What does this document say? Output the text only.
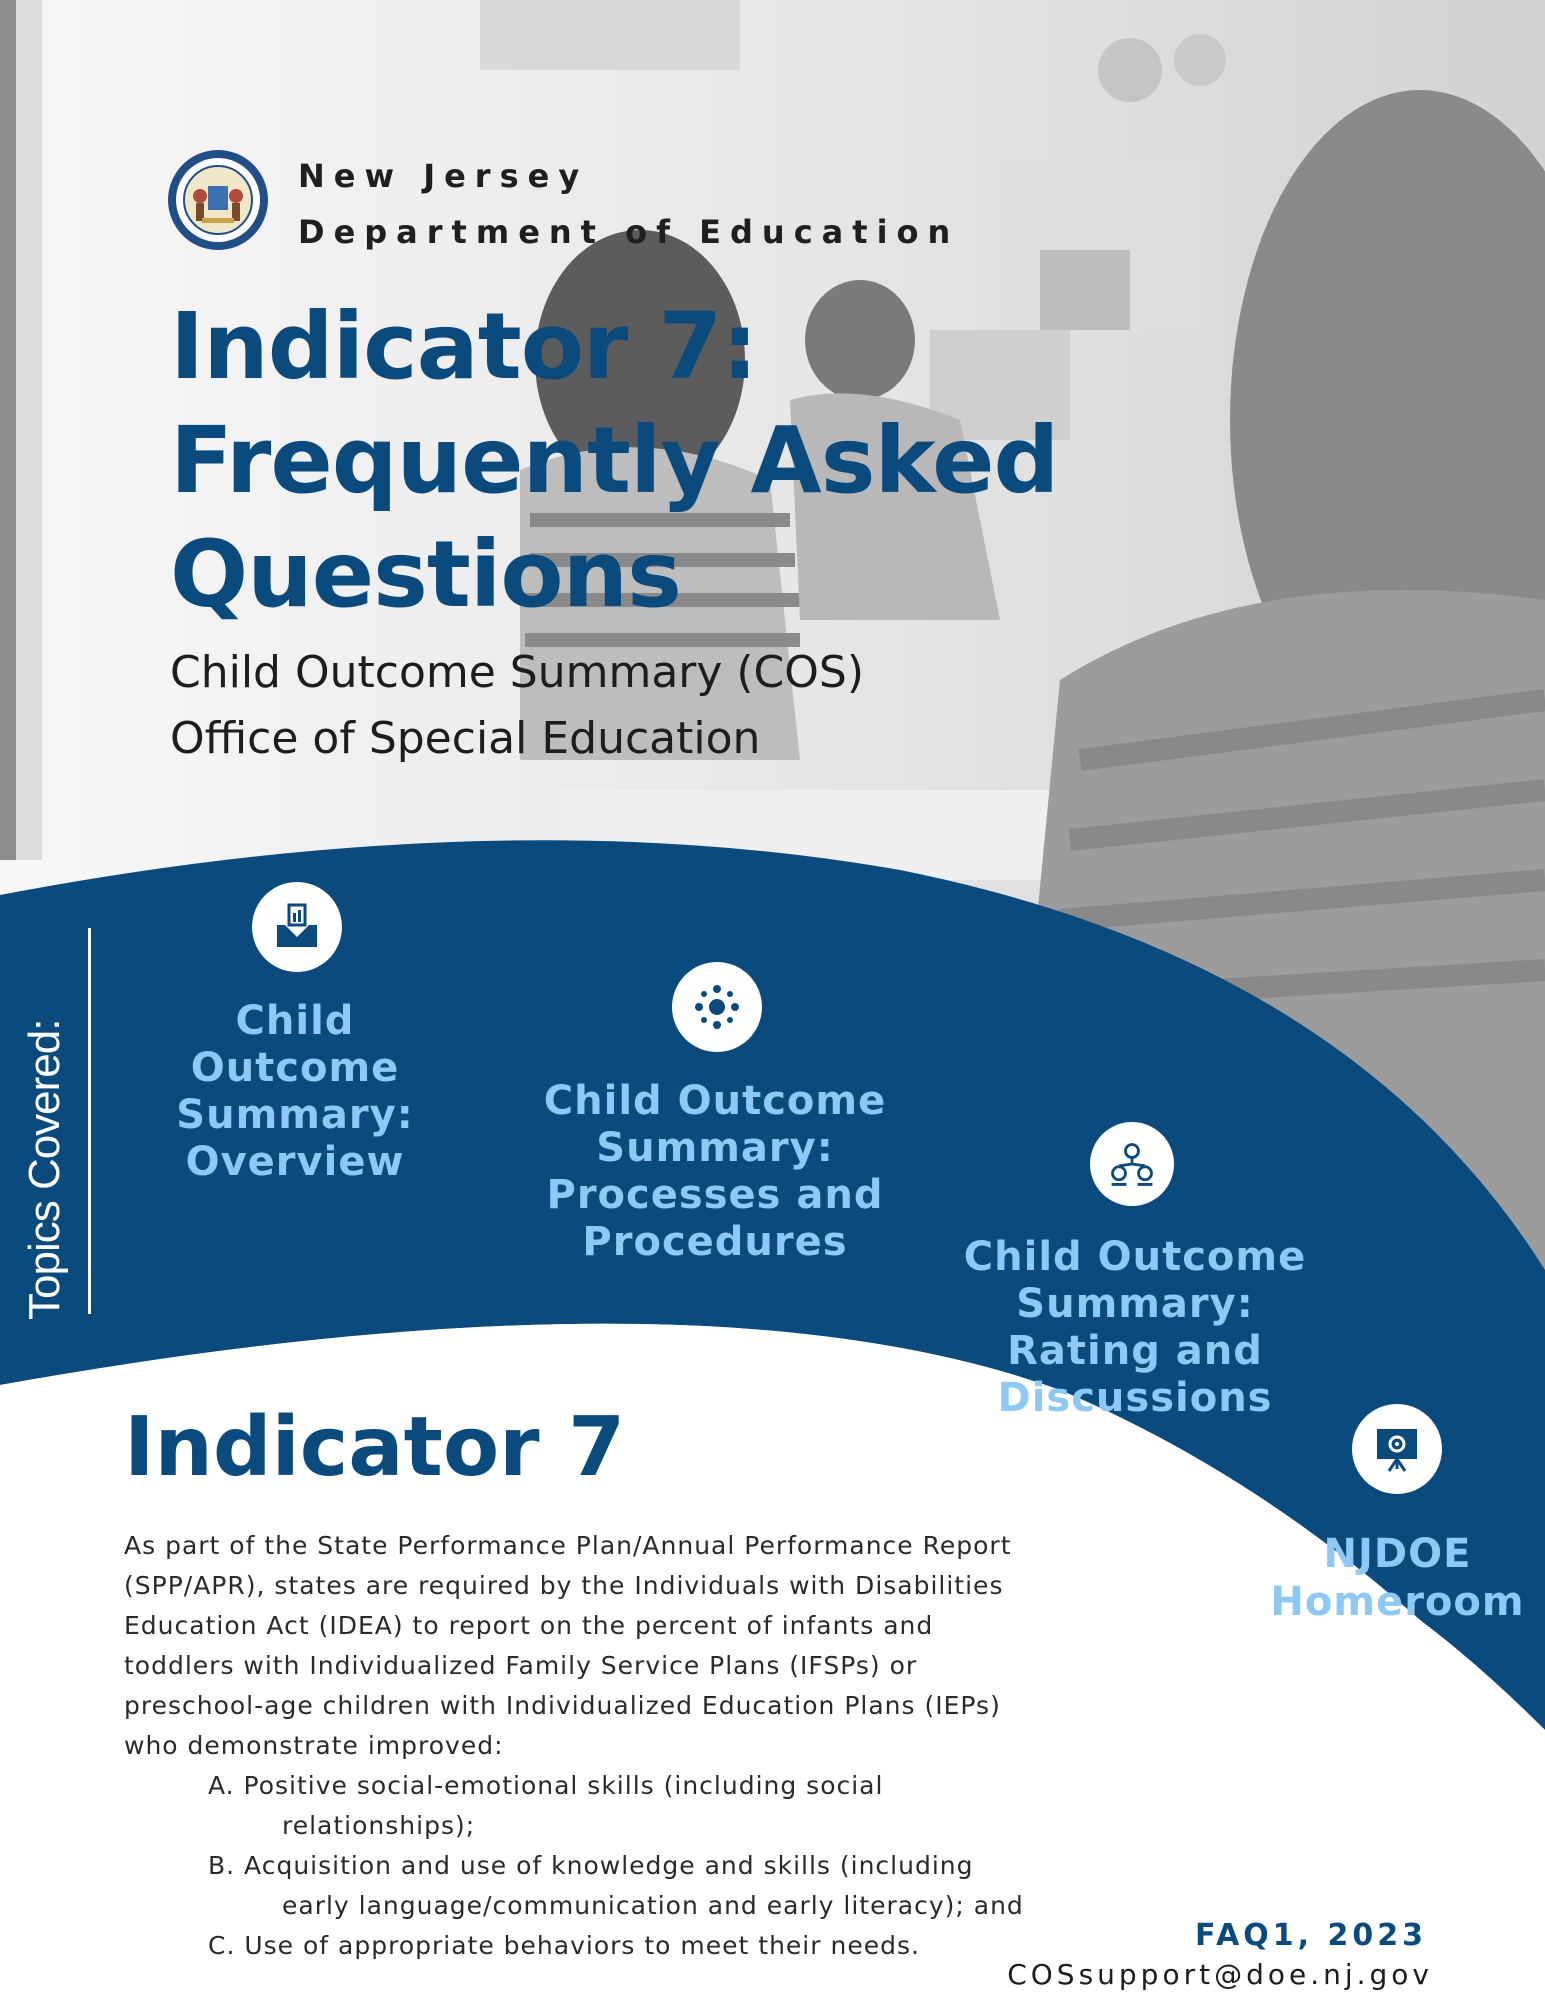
New Jersey
Department of Education
Indicator 7:
Frequently Asked
Questions
Child Outcome Summary (COS)
Office of Special Education
Topics Covered:	Child
Outcome
Summary:
Overview
Child Outcome
Summary:
Processes and
Procedures	Child Outcome
Summary:
Rating and
Discussions
NJDOE
Homeroom
Indicator 7
As part of the State Performance Plan/Annual Performance Report
(SPP/APR), states are required by the Individuals with Disabilities
Education Act (IDEA) to report on the percent of infants and
toddlers with Individualized Family Service Plans (IFSPs) or
preschool-age children with Individualized Education Plans (IEPs)
who demonstrate improved:
A. Positive social-emotional skills (including social
relationships);
B. Acquisition and use of knowledge and skills (including
early language/communication and early literacy); and
C. Use of appropriate behaviors to meet their needs.	FAQ1, 2023
COSsupport@doe.nj.gov
